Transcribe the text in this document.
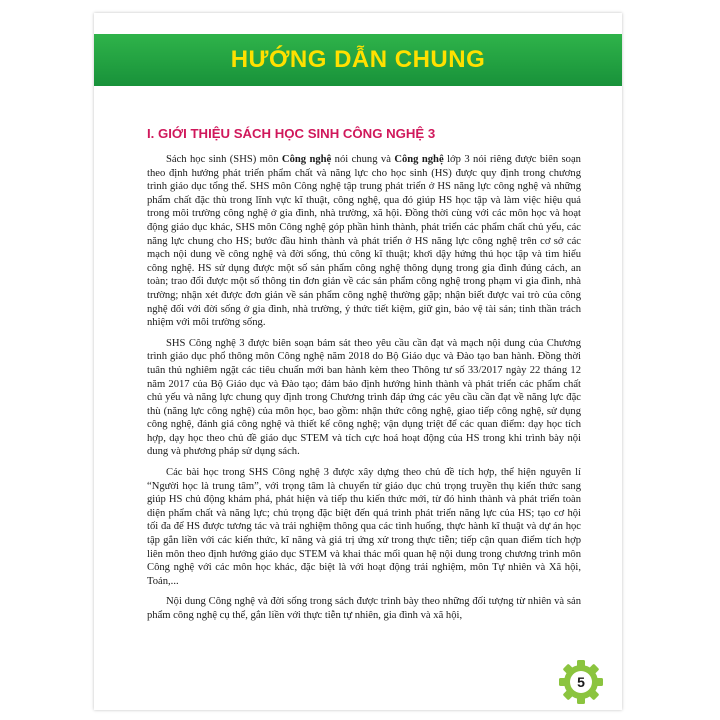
HƯỚNG DẪN CHUNG
I. GIỚI THIỆU SÁCH HỌC SINH CÔNG NGHỆ 3

Sách học sinh (SHS) môn Công nghệ nói chung và Công nghệ lớp 3 nói riêng được biên soạn theo định hướng phát triển phẩm chất và năng lực cho học sinh (HS) được quy định trong chương trình giáo dục tổng thể. SHS môn Công nghệ tập trung phát triển ở HS năng lực công nghệ và những phẩm chất đặc thù trong lĩnh vực kĩ thuật, công nghệ, qua đó giúp HS học tập và làm việc hiệu quả trong môi trường công nghệ ở gia đình, nhà trường, xã hội. Đồng thời cùng với các môn học và hoạt động giáo dục khác, SHS môn Công nghệ góp phần hình thành, phát triển các phẩm chất chủ yếu, các năng lực chung cho HS; bước đầu hình thành và phát triển ở HS năng lực công nghệ trên cơ sở các mạch nội dung về công nghệ và đời sống, thủ công kĩ thuật; khơi dậy hứng thú học tập và tìm hiểu công nghệ. HS sử dụng được một số sản phẩm công nghệ thông dụng trong gia đình đúng cách, an toàn; trao đổi được một số thông tin đơn giản về các sản phẩm công nghệ trong phạm vi gia đình, nhà trường; nhận xét được đơn giản về sản phẩm công nghệ thường gặp; nhận biết được vai trò của công nghệ đối với đời sống ở gia đình, nhà trường, ý thức tiết kiệm, giữ gìn, bảo vệ tài sản; tinh thần trách nhiệm với môi trường sống.

SHS Công nghệ 3 được biên soạn bám sát theo yêu cầu cần đạt và mạch nội dung của Chương trình giáo dục phổ thông môn Công nghệ năm 2018 do Bộ Giáo dục và Đào tạo ban hành. Đồng thời tuân thủ nghiêm ngặt các tiêu chuẩn mới ban hành kèm theo Thông tư số 33/2017 ngày 22 tháng 12 năm 2017 của Bộ Giáo dục và Đào tạo; đảm bảo định hướng hình thành và phát triển các phẩm chất chủ yếu và năng lực chung quy định trong Chương trình đáp ứng các yêu cầu cần đạt về năng lực đặc thù (năng lực công nghệ) của môn học, bao gồm: nhận thức công nghệ, giao tiếp công nghệ, sử dụng công nghệ, đánh giá công nghệ và thiết kế công nghệ; vận dụng triệt để các quan điểm: dạy học tích hợp, dạy học theo chủ đề giáo dục STEM và tích cực hoá hoạt động của HS trong khi trình bày nội dung và phương pháp sử dụng sách.

Các bài học trong SHS Công nghệ 3 được xây dựng theo chủ đề tích hợp, thể hiện nguyên lí “Người học là trung tâm”, với trọng tâm là chuyển từ giáo dục chủ trọng truyền thụ kiến thức sang giúp HS chủ động khám phá, phát hiện và tiếp thu kiến thức mới, từ đó hình thành và phát triển toàn diện phẩm chất và năng lực; chủ trọng đặc biệt đến quá trình phát triển năng lực của HS; tạo cơ hội tối đa để HS được tương tác và trải nghiệm thông qua các tình huống, thực hành kĩ thuật và dự án học tập gắn liền với các kiến thức, kĩ năng và giá trị ứng xử trong thực tiễn; tiếp cận quan điểm tích hợp liên môn theo định hướng giáo dục STEM và khai thác mối quan hệ nội dung trong chương trình môn Công nghệ với các môn học khác, đặc biệt là với hoạt động trải nghiệm, môn Tự nhiên và Xã hội, Toán,...

Nội dung Công nghệ và đời sống trong sách được trình bày theo những đối tượng từ nhiên và sản phẩm công nghệ cụ thể, gắn liền với thực tiễn tự nhiên, gia đình và xã hội,

5
